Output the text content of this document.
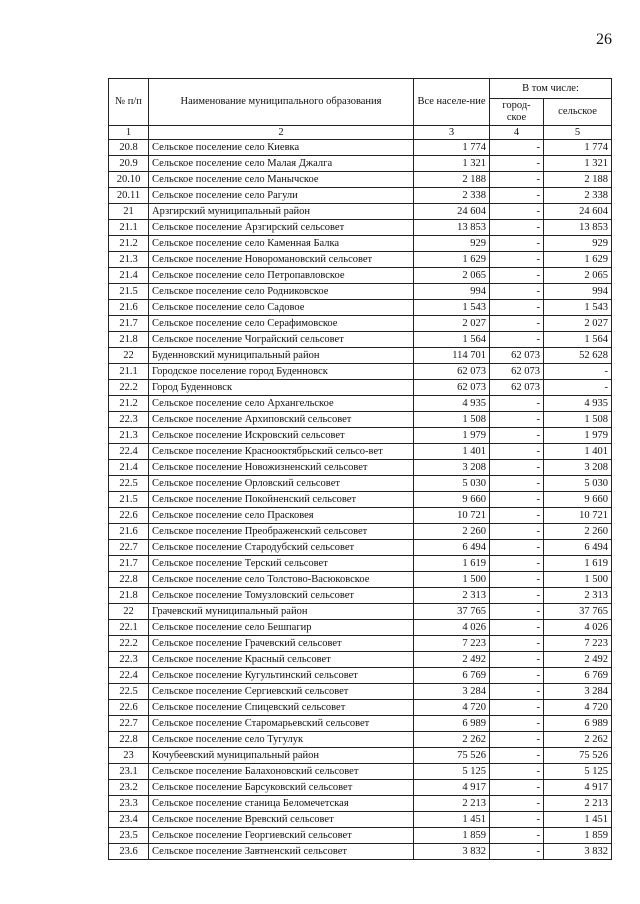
26
№ п/п	Наименование муниципального образования	Все населе-ние	В том числе:	
			город-ское	сельское
1	2	3	4	5
20.8	Сельское поселение село Киевка	1 774	-	1 774
20.9	Сельское поселение село Малая Джалга	1 321	-	1 321
20.10	Сельское поселение село Манычское	2 188	-	2 188
20.11	Сельское поселение село Рагули	2 338	-	2 338
21	Арзгирский муниципальный район	24 604	-	24 604
21.1	Сельское поселение Арзгирский сельсовет	13 853	-	13 853
21.2	Сельское поселение село Каменная Балка	929	-	929
21.3	Сельское поселение Новоромановский сельсовет	1 629	-	1 629
21.4	Сельское поселение село Петропавловское	2 065	-	2 065
21.5	Сельское поселение село Родниковское	994	-	994
21.6	Сельское поселение село Садовое	1 543	-	1 543
21.7	Сельское поселение село Серафимовское	2 027	-	2 027
21.8	Сельское поселение Чограйский сельсовет	1 564	-	1 564
22	Буденновский муниципальный район	114 701	62 073	52 628
21.1	Городское поселение город Буденновск	62 073	62 073	-
22.2	Город Буденновск	62 073	62 073	-
21.2	Сельское поселение село Архангельское	4 935	-	4 935
22.3	Сельское поселение Архиповский сельсовет	1 508	-	1 508
21.3	Сельское поселение Искровский сельсовет	1 979	-	1 979
22.4	Сельское поселение Краснооктябрьский сельсо-вет	1 401	-	1 401
21.4	Сельское поселение Новожизненский сельсовет	3 208	-	3 208
22.5	Сельское поселение Орловский сельсовет	5 030	-	5 030
21.5	Сельское поселение Покойненский сельсовет	9 660	-	9 660
22.6	Сельское поселение село Прасковея	10 721	-	10 721
21.6	Сельское поселение Преображенский сельсовет	2 260	-	2 260
22.7	Сельское поселение Стародубский сельсовет	6 494	-	6 494
21.7	Сельское поселение Терский сельсовет	1 619	-	1 619
22.8	Сельское поселение село Толстово-Васюковское	1 500	-	1 500
21.8	Сельское поселение Томузловский сельсовет	2 313	-	2 313
22	Грачевский муниципальный район	37 765	-	37 765
22.1	Сельское поселение село Бешпагир	4 026	-	4 026
22.2	Сельское поселение Грачевский сельсовет	7 223	-	7 223
22.3	Сельское поселение Красный сельсовет	2 492	-	2 492
22.4	Сельское поселение Кугультинский сельсовет	6 769	-	6 769
22.5	Сельское поселение Сергиевский сельсовет	3 284	-	3 284
22.6	Сельское поселение Спицевский сельсовет	4 720	-	4 720
22.7	Сельское поселение Старомарьевский сельсовет	6 989	-	6 989
22.8	Сельское поселение село Тугулук	2 262	-	2 262
23	Кочубеевский муниципальный район	75 526	-	75 526
23.1	Сельское поселение Балахоновский сельсовет	5 125	-	5 125
23.2	Сельское поселение Барсуковский сельсовет	4 917	-	4 917
23.3	Сельское поселение станица Беломечетская	2 213	-	2 213
23.4	Сельское поселение Вревский сельсовет	1 451	-	1 451
23.5	Сельское поселение Георгиевский сельсовет	1 859	-	1 859
23.6	Сельское поселение Завтненский сельсовет	3 832	-	3 832
